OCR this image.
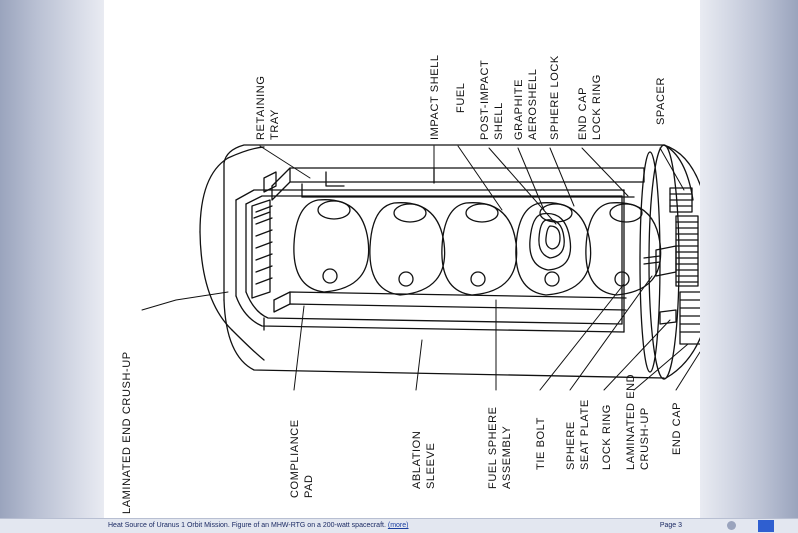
RETAINING TRAY	IMPACT SHELL FUEL POST-IMPACT SHELL GRAPHITE AEROSHELL SPHERE LOCK END CAP LOCK RING	SPACER
LAMINATED END CRUSH-UP	COMPLIANCE PAD	ABLATION SLEEVE	FUEL SPHERE ASSEMBLY TIE BOLT SPHERE SEAT PLATE LOCK RING LAMINATED END CRUSH-UP END CAP
Heat Source of Uranus 1 Orbit Mission. Figure of an MHW-RTG on a 200-watt spacecraft. (more)	Page 3
